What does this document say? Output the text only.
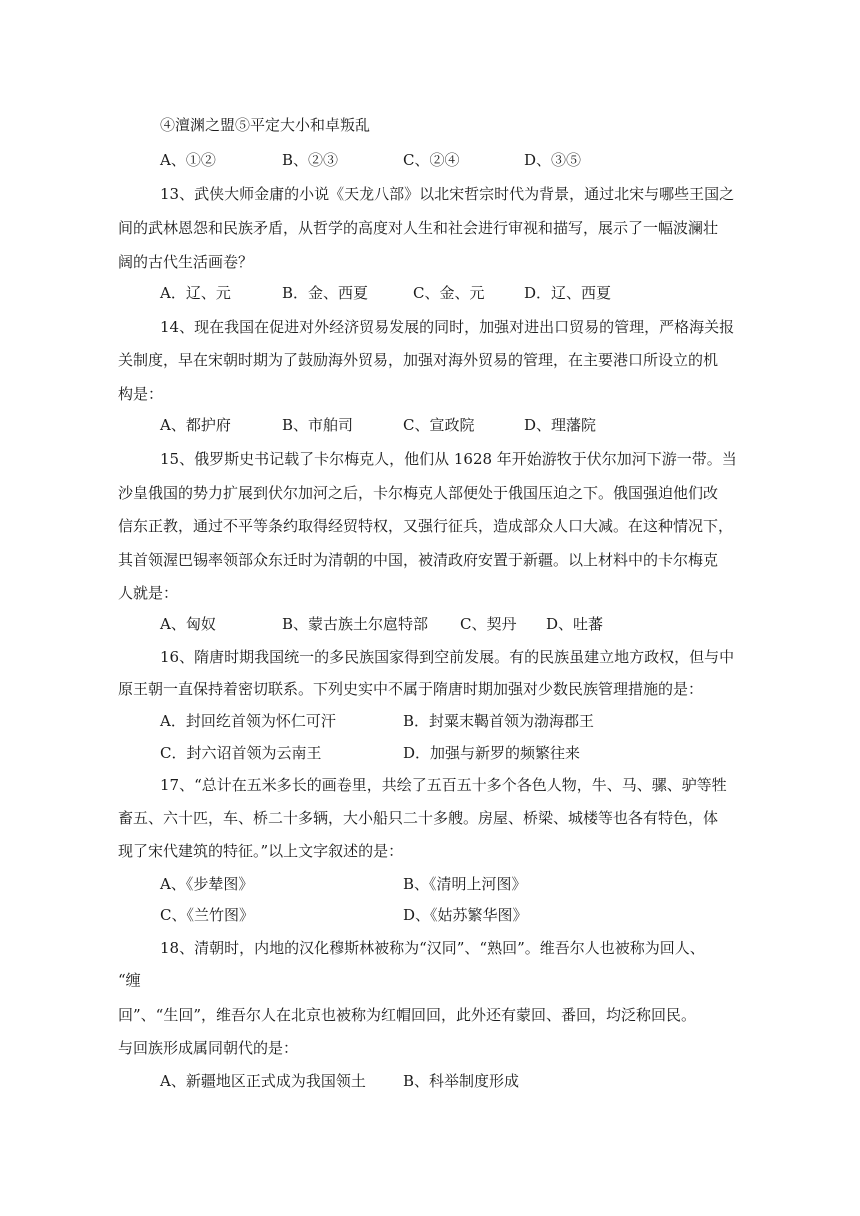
④澶渊之盟⑤平定大小和卓叛乱
A、①②	B、②③	C、②④	D、③⑤
13、武侠大师金庸的小说《天龙八部》以北宋哲宗时代为背景，通过北宋与哪些王国之
间的武林恩怨和民族矛盾，从哲学的高度对人生和社会进行审视和描写，展示了一幅波澜壮
阔的古代生活画卷？
A．辽、元	B．金、西夏	C、金、元	D．辽、西夏
14、现在我国在促进对外经济贸易发展的同时，加强对进出口贸易的管理，严格海关报
关制度，早在宋朝时期为了鼓励海外贸易，加强对海外贸易的管理，在主要港口所设立的机
构是：
A、都护府	B、市舶司	C、宣政院	D、理藩院
15、俄罗斯史书记载了卡尔梅克人，他们从 1628 年开始游牧于伏尔加河下游一带。当
沙皇俄国的势力扩展到伏尔加河之后，卡尔梅克人部便处于俄国压迫之下。俄国强迫他们改
信东正教，通过不平等条约取得经贸特权，又强行征兵，造成部众人口大减。在这种情况下，
其首领渥巴锡率领部众东迁时为清朝的中国，被清政府安置于新疆。以上材料中的卡尔梅克
人就是：
A、匈奴	B、蒙古族土尔扈特部 C、契丹 D、吐蕃
16、隋唐时期我国统一的多民族国家得到空前发展。有的民族虽建立地方政权，但与中
原王朝一直保持着密切联系。下列史实中不属于隋唐时期加强对少数民族管理措施的是：
A．封回纥首领为怀仁可汗	B．封粟末鞨首领为渤海郡王
C．封六诏首领为云南王	D．加强与新罗的频繁往来
17、“总计在五米多长的画卷里，共绘了五百五十多个各色人物，牛、马、骡、驴等牲
畜五、六十匹，车、桥二十多辆，大小船只二十多艘。房屋、桥梁、城楼等也各有特色，体
现了宋代建筑的特征。”以上文字叙述的是：
A、《步辇图》	B、《清明上河图》
C、《兰竹图》	D、《姑苏繁华图》
18、清朝时，内地的汉化穆斯林被称为“汉同”、“熟回”。维吾尔人也被称为回人、
“缠
回”、“生回”，维吾尔人在北京也被称为红帽回回，此外还有蒙回、番回，均泛称回民。
与回族形成属同朝代的是：
A、新疆地区正式成为我国领土 B、科举制度形成
